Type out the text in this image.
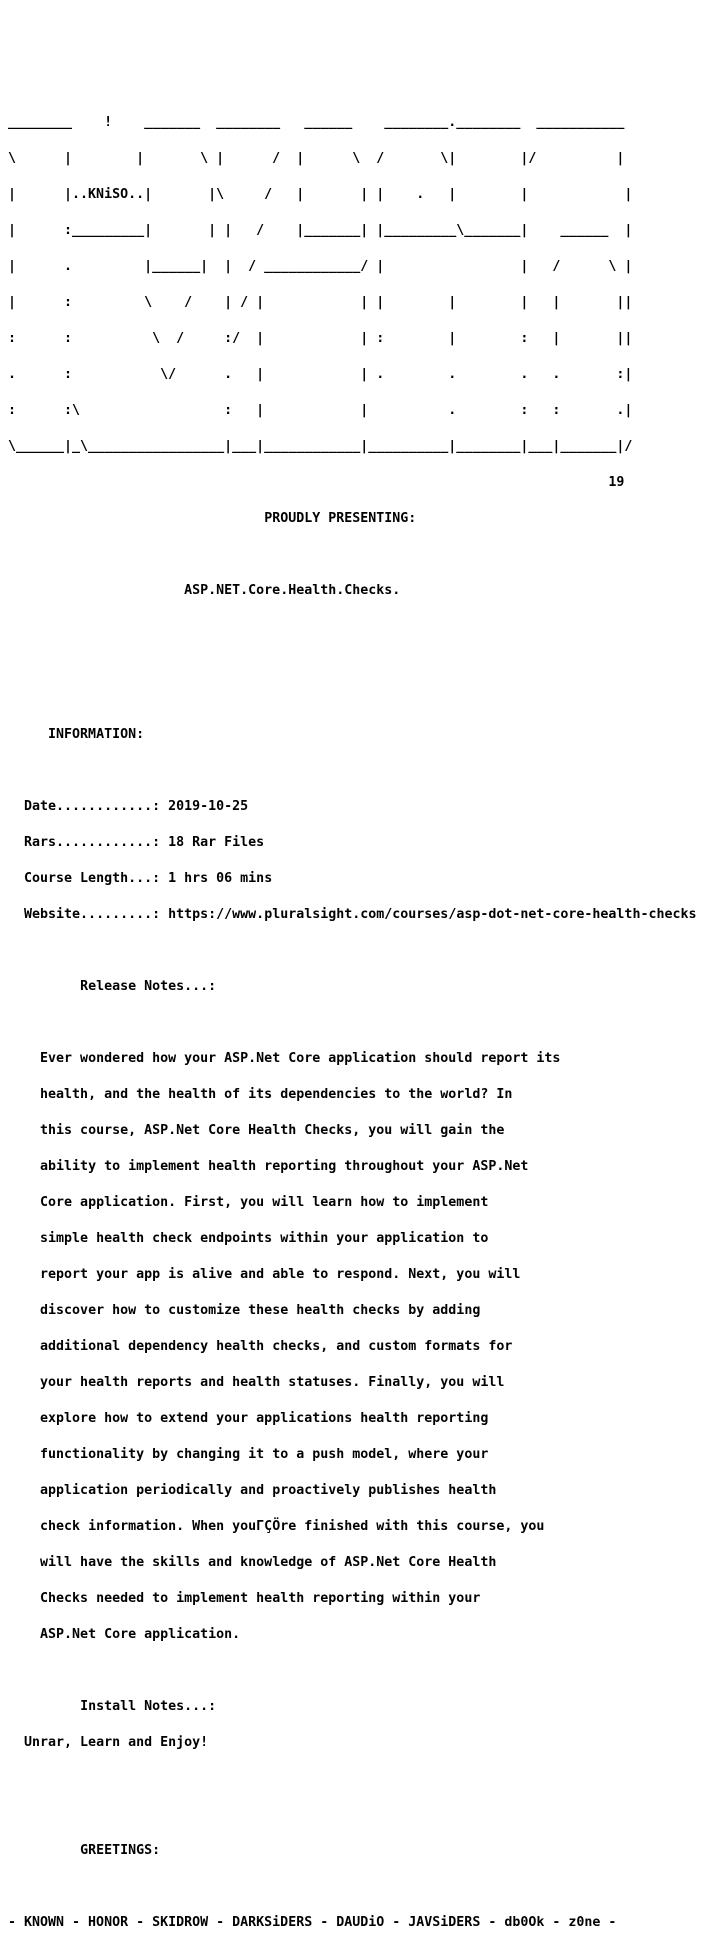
________    !    _______  ________   ______    ________.________  ___________

\      |        |       \ |      /  |      \  /       \|        |/          |

|      |..KNiSO..|       |\     /   |       | |    .   |        |            |

|      :_________|       | |   /    |_______| |_________\_______|    ______  |

|      .         |______|  |  / ____________/ |                 |   /      \ |

|      :         \    /    | / |            | |        |        |   |       ||

:      :          \  /     :/  |            | :        |        :   |       ||

.      :           \/      .   |            | .        .        .   .       :|

:      :\                  :   |            |          .        :   :       .|

\______|_\_________________|___|____________|__________|________|___|_______|/

19

PROUDLY PRESENTING:

ASP.NET.Core.Health.Checks.

INFORMATION:

Date............: 2019-10-25

Rars............: 18 Rar Files

Course Length...: 1 hrs 06 mins

Website.........: https://www.pluralsight.com/courses/asp-dot-net-core-health-checks

Release Notes...:

Ever wondered how your ASP.Net Core application should report its

health, and the health of its dependencies to the world? In

this course, ASP.Net Core Health Checks, you will gain the

ability to implement health reporting throughout your ASP.Net

Core application. First, you will learn how to implement

simple health check endpoints within your application to

report your app is alive and able to respond. Next, you will

discover how to customize these health checks by adding

additional dependency health checks, and custom formats for

your health reports and health statuses. Finally, you will

explore how to extend your applications health reporting

functionality by changing it to a push model, where your

application periodically and proactively publishes health

check information. When youΓÇÖre finished with this course, you

will have the skills and knowledge of ASP.Net Core Health

Checks needed to implement health reporting within your

ASP.Net Core application.

Install Notes...:

Unrar, Learn and Enjoy!

GREETINGS:

- KNOWN - HONOR - SKIDROW - DARKSiDERS - DAUDiO - JAVSiDERS - db0Ok - z0ne -
